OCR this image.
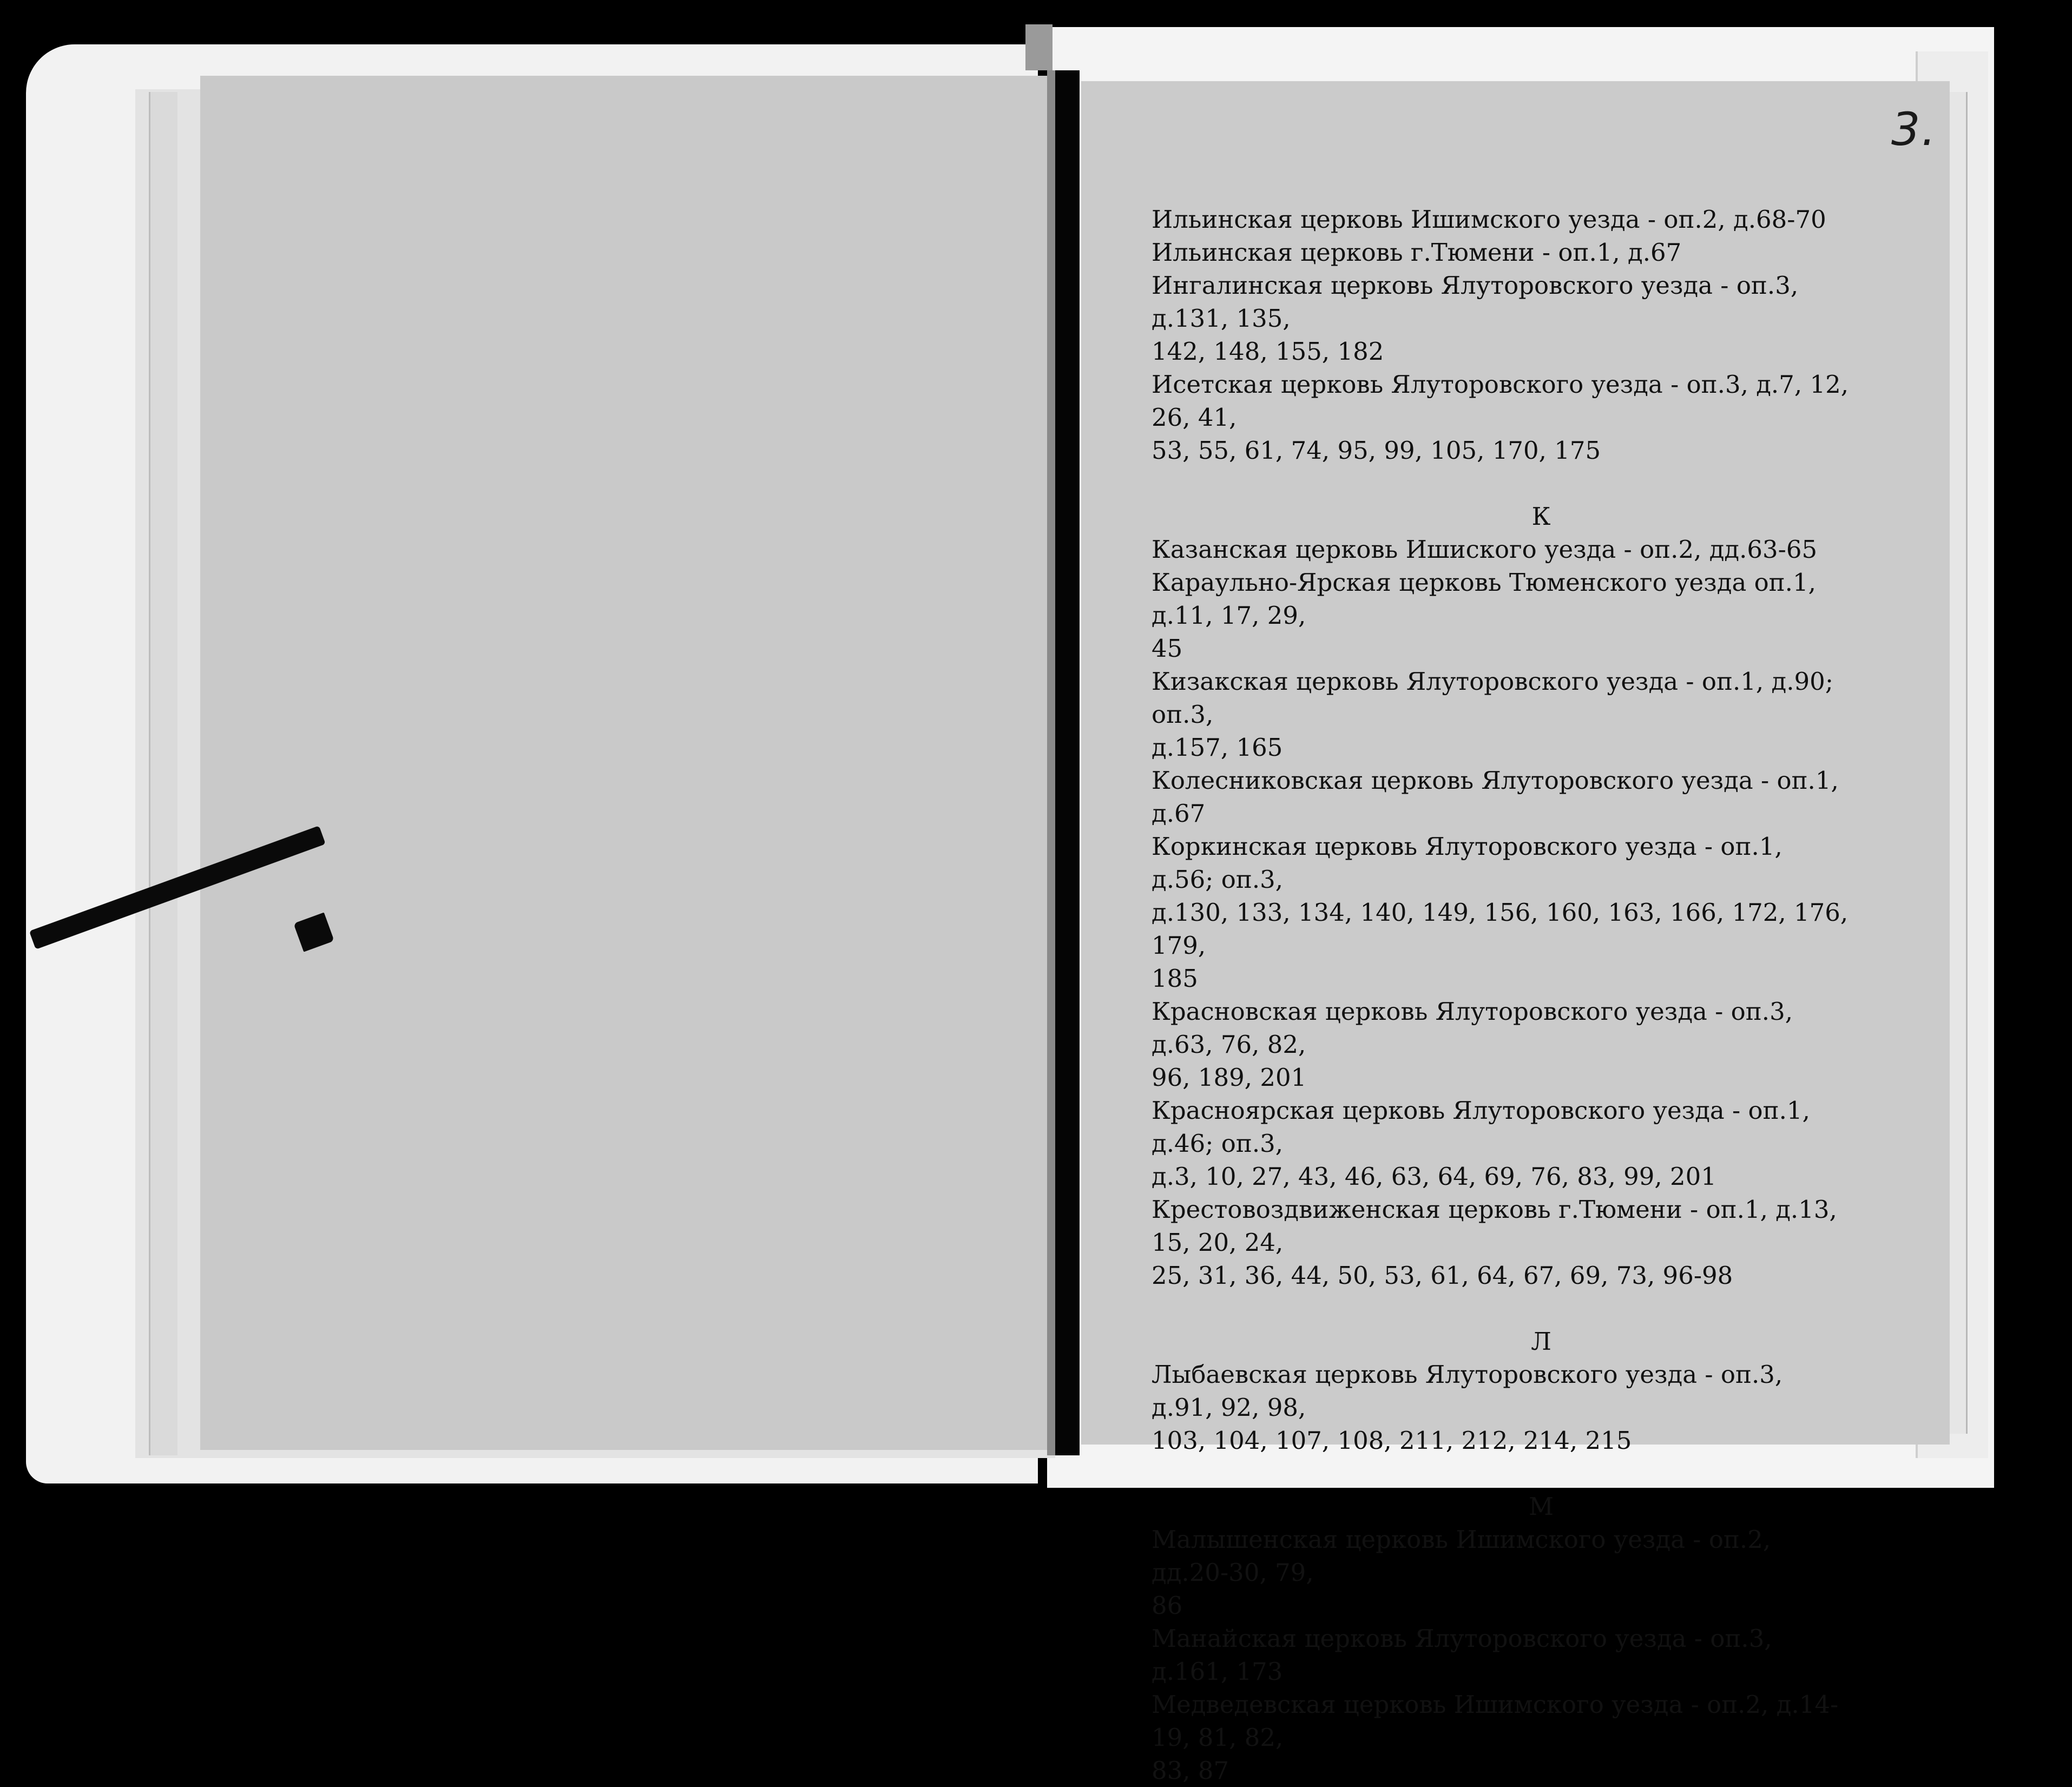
3.

Ильинская церковь Ишимского уезда - оп.2, д.68-70

Ильинская церковь г.Тюмени - оп.1, д.67

Ингалинская церковь Ялуторовского уезда - оп.3, д.131, 135,

142, 148, 155, 182

Исетская церковь Ялуторовского уезда - оп.3, д.7, 12, 26, 41,

53, 55, 61, 74, 95, 99, 105, 170, 175

К

Казанская церковь Ишиского уезда - оп.2, дд.63-65

Караульно-Ярская церковь Тюменского уезда оп.1, д.11, 17, 29,

45

Кизакская церковь Ялуторовского уезда - оп.1, д.90; оп.3,

д.157, 165

Колесниковская церковь Ялуторовского уезда - оп.1, д.67

Коркинская церковь Ялуторовского уезда - оп.1, д.56; оп.3,

д.130, 133, 134, 140, 149, 156, 160, 163, 166, 172, 176, 179,

185

Красновская церковь Ялуторовского уезда - оп.3, д.63, 76, 82,

96, 189, 201

Красноярская церковь Ялуторовского уезда - оп.1, д.46; оп.3,

д.3, 10, 27, 43, 46, 63, 64, 69, 76, 83, 99, 201

Крестовоздвиженская церковь г.Тюмени - оп.1, д.13, 15, 20, 24,

25, 31, 36, 44, 50, 53, 61, 64, 67, 69, 73, 96-98

Л

Лыбаевская церковь Ялуторовского уезда - оп.3, д.91, 92, 98,

103, 104, 107, 108, 211, 212, 214, 215

М

Малышенская церковь Ишимского уезда - оп.2, дд.20-30, 79,

86

Манайская церковь Ялуторовского уезда - оп.3, д.161, 173

Медведевская церковь Ишимского уезда - оп.2, д.14-19, 81, 82,

83, 87
